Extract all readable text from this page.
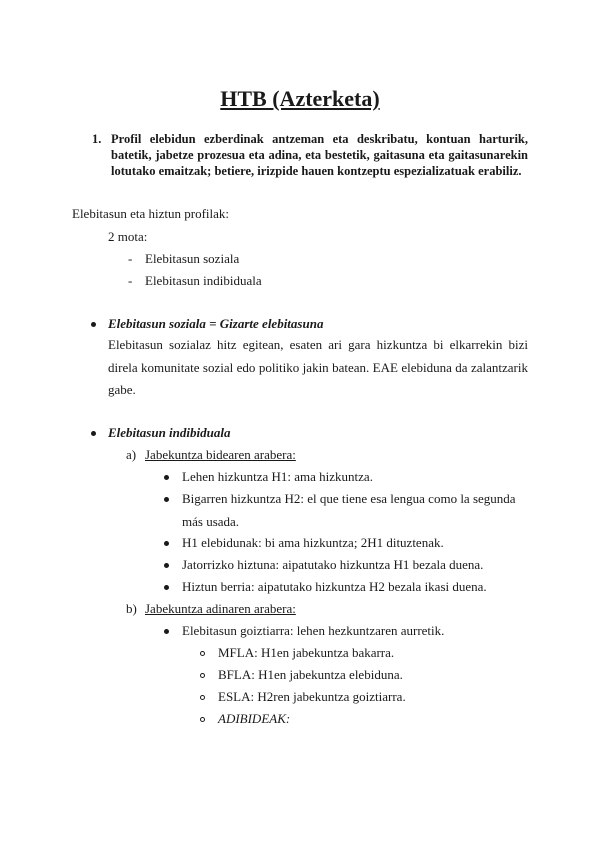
HTB (Azterketa)
1. Profil elebidun ezberdinak antzeman eta deskribatu, kontuan harturik, batetik, jabetze prozesua eta adina, eta bestetik, gaitasuna eta gaitasunarekin lotutako emaitzak; betiere, irizpide hauen kontzeptu espezializatuak erabiliz.
Elebitasun eta hiztun profilak:
2 mota:
- Elebitasun soziala
- Elebitasun indibiduala
Elebitasun soziala = Gizarte elebitasuna
Elebitasun sozialaz hitz egitean, esaten ari gara hizkuntza bi elkarrekin bizi direla komunitate sozial edo politiko jakin batean. EAE elebiduna da zalantzarik gabe.
Elebitasun indibiduala
a) Jabekuntza bidearen arabera:
Lehen hizkuntza H1: ama hizkuntza.
Bigarren hizkuntza H2: el que tiene esa lengua como la segunda
más usada.
H1 elebidunak: bi ama hizkuntza; 2H1 dituztenak.
Jatorrizko hiztuna: aipatutako hizkuntza H1 bezala duena.
Hiztun berria: aipatutako hizkuntza H2 bezala ikasi duena.
b) Jabekuntza adinaren arabera:
Elebitasun goiztiarra: lehen hezkuntzaren aurretik.
MFLA: H1en jabekuntza bakarra.
BFLA: H1en jabekuntza elebiduna.
ESLA: H2ren jabekuntza goiztiarra.
ADIBIDEAK:
